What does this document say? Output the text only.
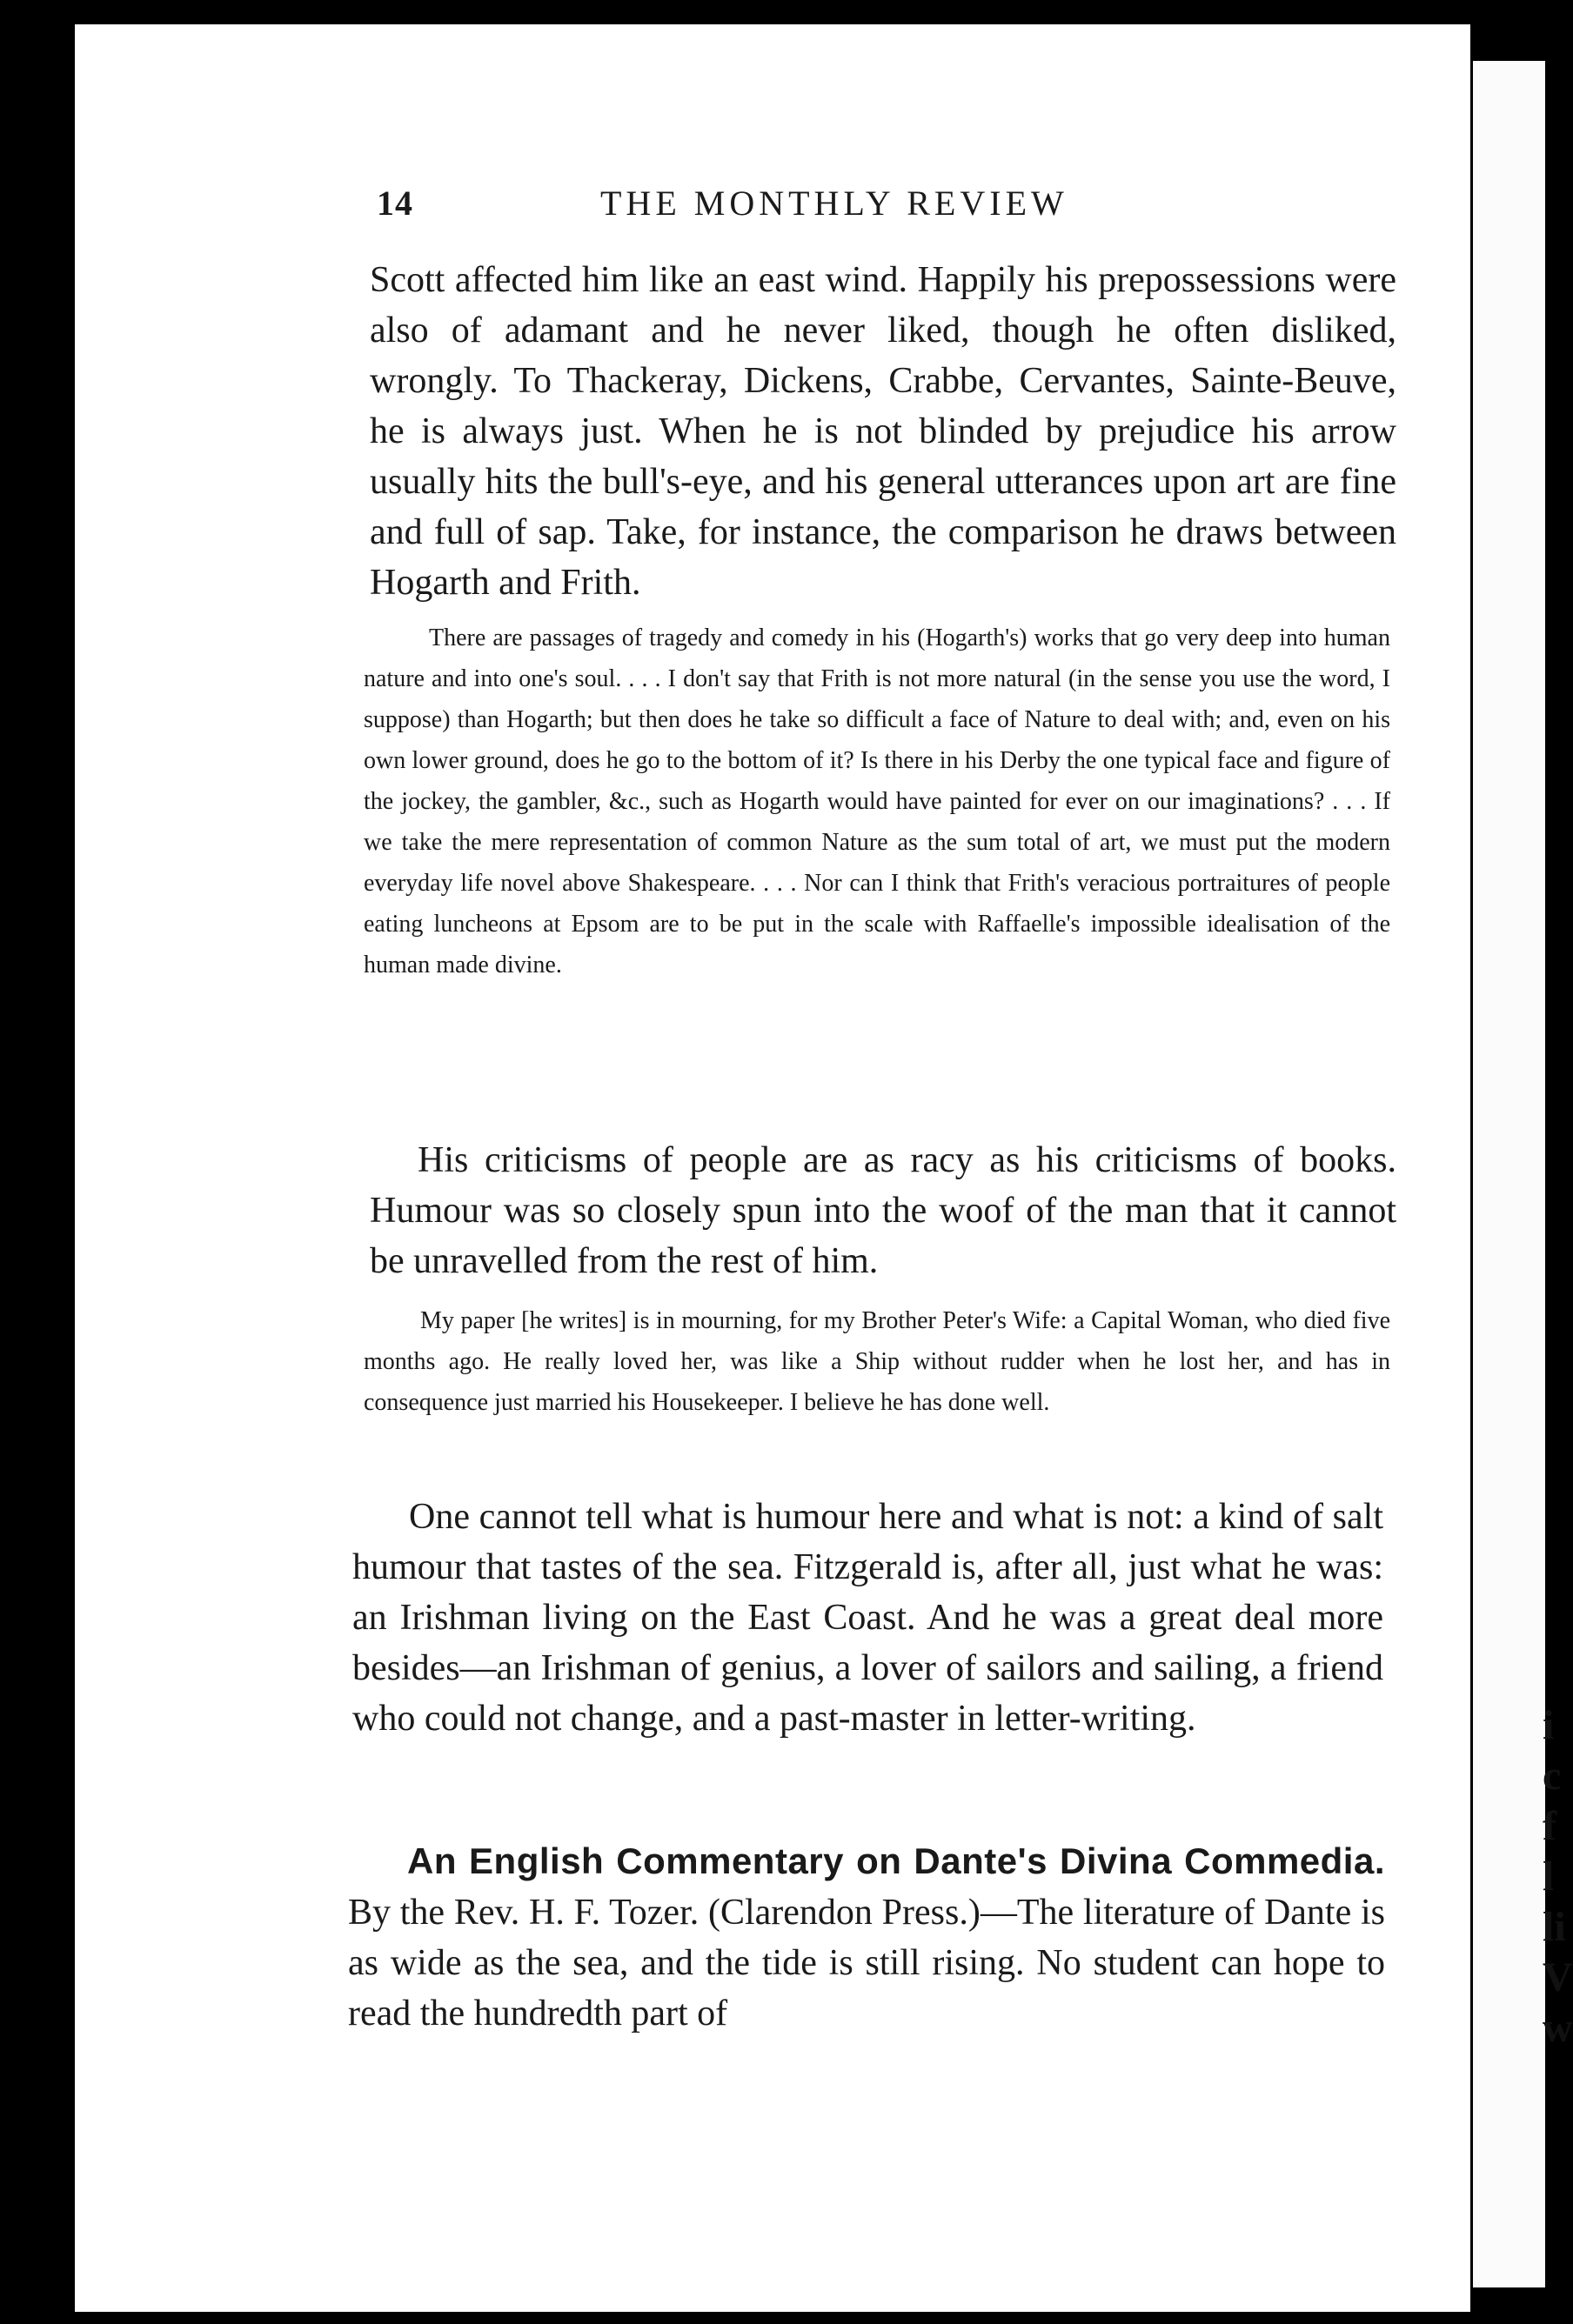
i
c
f
l
li
V
w
14	THE MONTHLY REVIEW

Scott affected him like an east wind. Happily his prepossessions were also of adamant and he never liked, though he often disliked, wrongly. To Thackeray, Dickens, Crabbe, Cervantes, Sainte-Beuve, he is always just. When he is not blinded by prejudice his arrow usually hits the bull's-eye, and his general utterances upon art are fine and full of sap. Take, for instance, the comparison he draws between Hogarth and Frith.

There are passages of tragedy and comedy in his (Hogarth's) works that go very deep into human nature and into one's soul. . . . I don't say that Frith is not more natural (in the sense you use the word, I suppose) than Hogarth; but then does he take so difficult a face of Nature to deal with; and, even on his own lower ground, does he go to the bottom of it? Is there in his Derby the one typical face and figure of the jockey, the gambler, &c., such as Hogarth would have painted for ever on our imaginations? . . . If we take the mere representation of common Nature as the sum total of art, we must put the modern everyday life novel above Shakespeare. . . . Nor can I think that Frith's veracious portraitures of people eating luncheons at Epsom are to be put in the scale with Raffaelle's impossible idealisation of the human made divine.

His criticisms of people are as racy as his criticisms of books. Humour was so closely spun into the woof of the man that it cannot be unravelled from the rest of him.

My paper [he writes] is in mourning, for my Brother Peter's Wife: a Capital Woman, who died five months ago. He really loved her, was like a Ship without rudder when he lost her, and has in consequence just married his Housekeeper. I believe he has done well.

One cannot tell what is humour here and what is not: a kind of salt humour that tastes of the sea. Fitzgerald is, after all, just what he was: an Irishman living on the East Coast. And he was a great deal more besides—an Irishman of genius, a lover of sailors and sailing, a friend who could not change, and a past-master in letter-writing.

An English Commentary on Dante's Divina Commedia. By the Rev. H. F. Tozer. (Clarendon Press.)—The literature of Dante is as wide as the sea, and the tide is still rising. No student can hope to read the hundredth part of
